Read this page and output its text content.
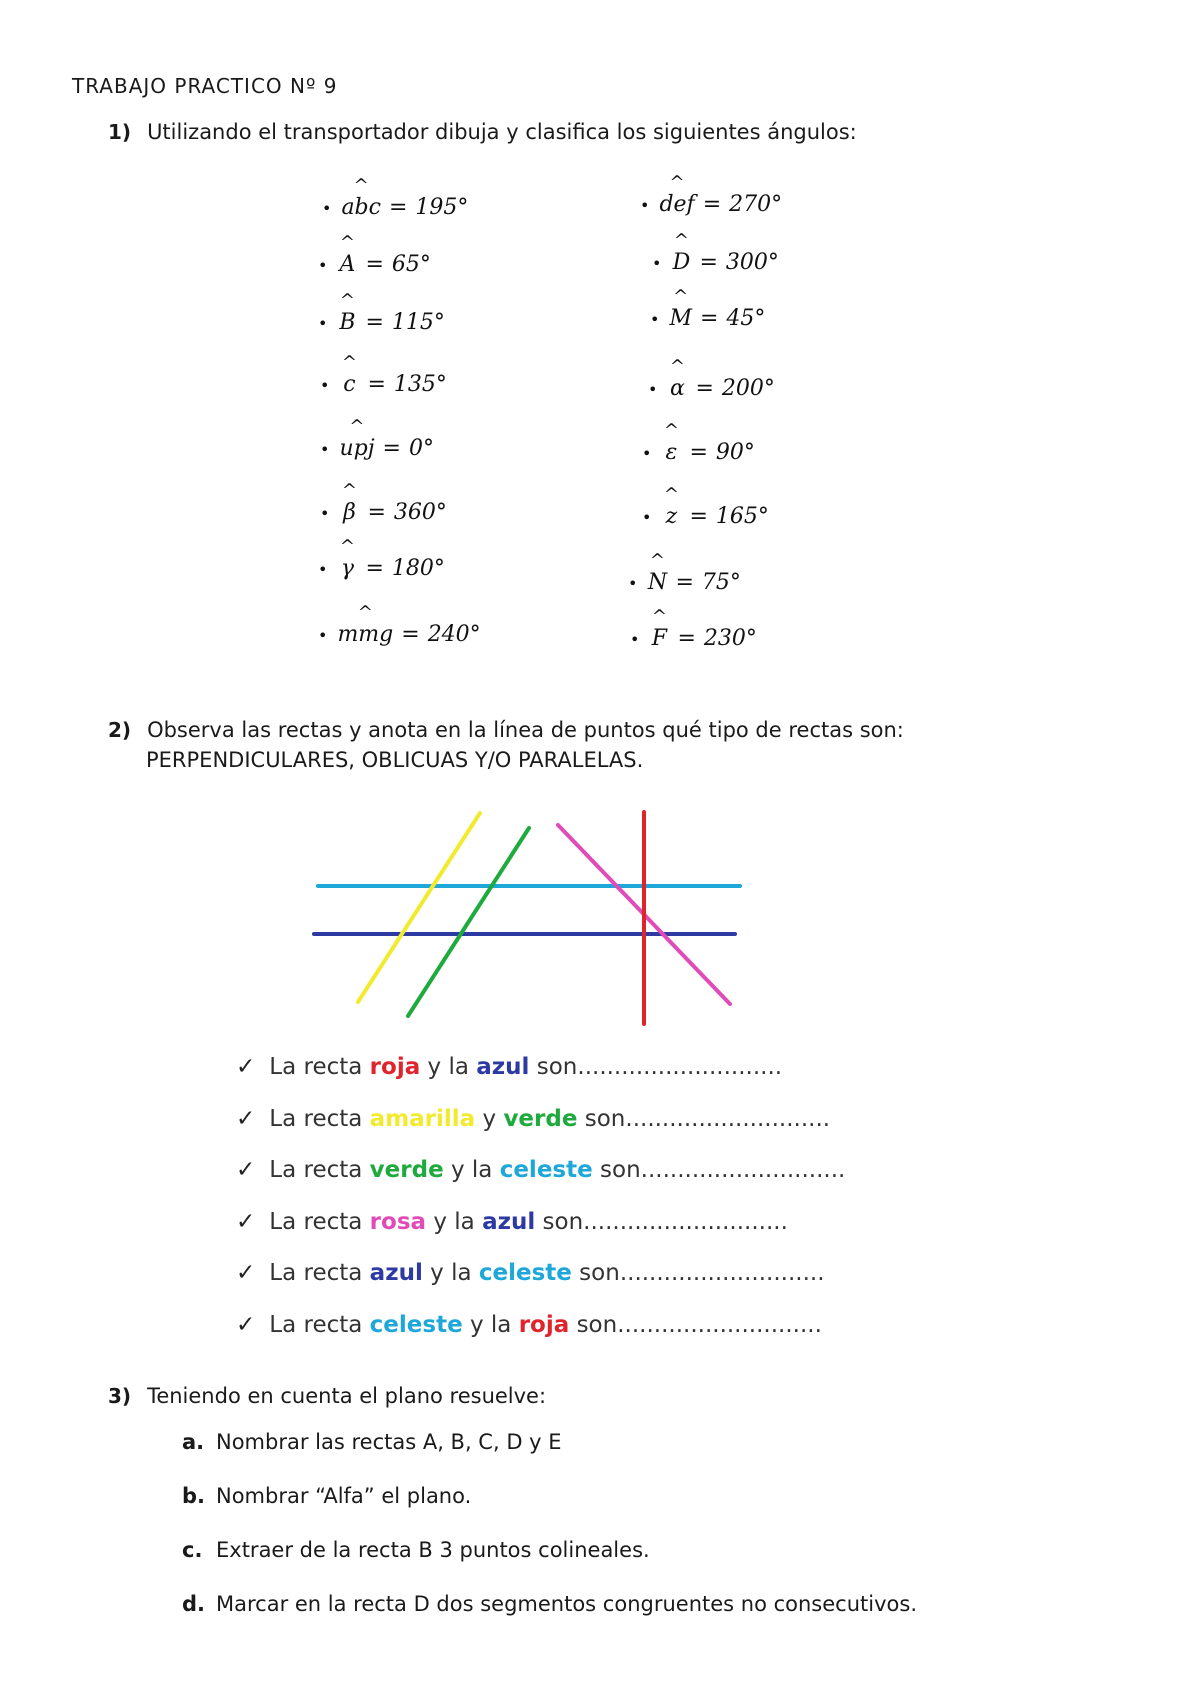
TRABAJO PRACTICO Nº 9
1) Utilizando el transportador dibuja y clasifica los siguientes ángulos:
•
^
abc = 195°
•
^
A = 65°
•
^
B = 115°
•
^
c = 135°
•
^
upj = 0°
•
^
β = 360°
•
^
γ = 180°
•
^
mmg = 240°
•
^
def = 270°
•
^
D = 300°
•
^
M = 45°
•
^
α = 200°
•
^
ε = 90°
•
^
z = 165°
•
^
N = 75°
•
^
F = 230°
2) Observa las rectas y anota en la línea de puntos qué tipo de rectas son:
PERPENDICULARES, OBLICUAS Y/O PARALELAS.
✓ La recta roja y la azul son............................
✓ La recta amarilla y verde son............................
✓ La recta verde y la celeste son............................
✓ La recta rosa y la azul son............................
✓ La recta azul y la celeste son............................
✓ La recta celeste y la roja son............................
3) Teniendo en cuenta el plano resuelve:
a. Nombrar las rectas A, B, C, D y E
b. Nombrar “Alfa” el plano.
c. Extraer de la recta B 3 puntos colineales.
d. Marcar en la recta D dos segmentos congruentes no consecutivos.
